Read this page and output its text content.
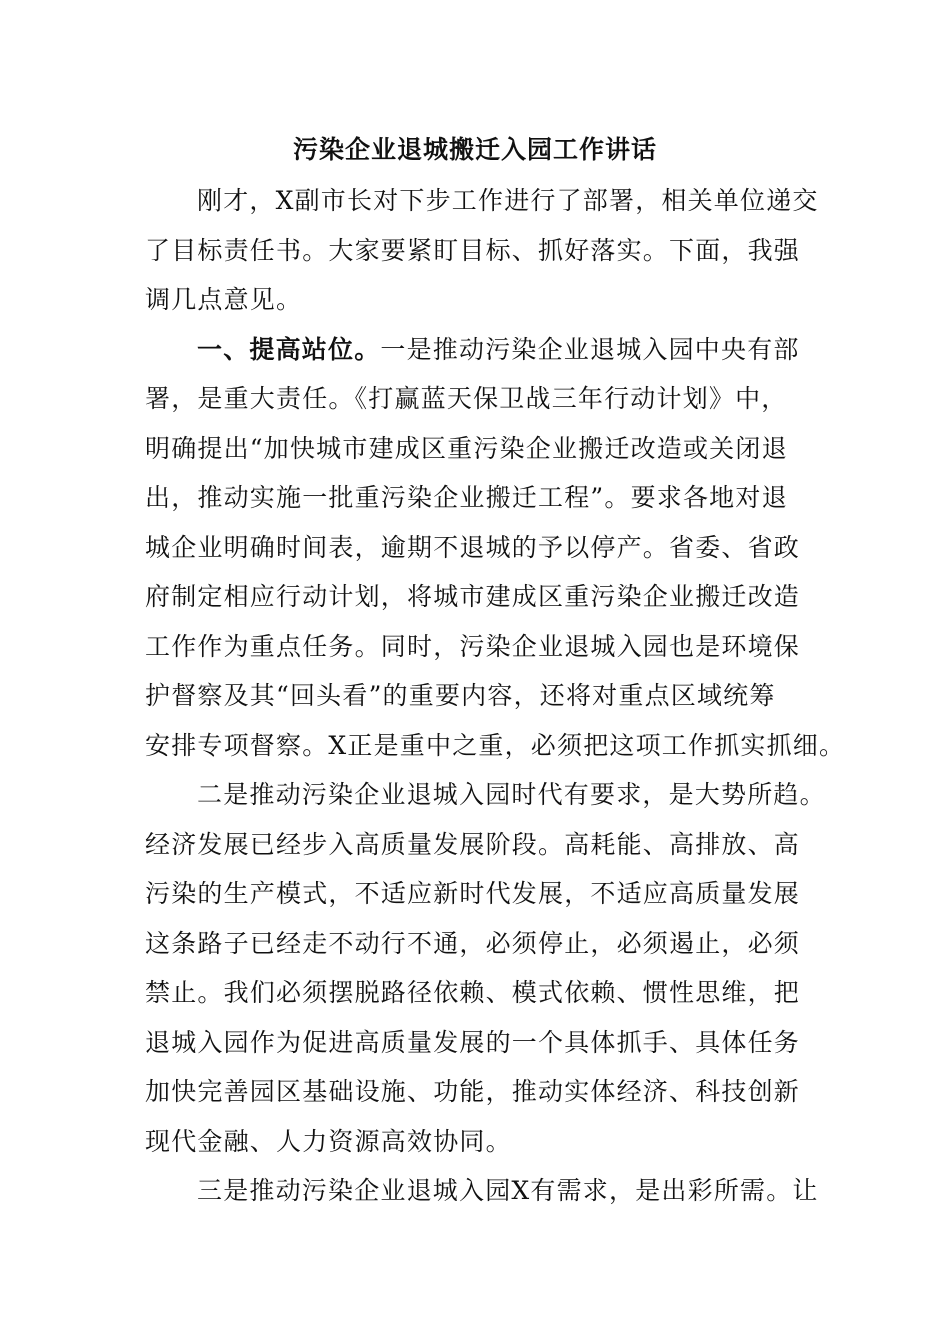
污染企业退城搬迁入园工作讲话
刚才，X副市长对下步工作进行了部署，相关单位递交
了目标责任书。大家要紧盯目标、抓好落实。下面，我强
调几点意见。
一、提高站位。一是推动污染企业退城入园中央有部
署，是重大责任。《打赢蓝天保卫战三年行动计划》中，
明确提出“加快城市建成区重污染企业搬迁改造或关闭退
出，推动实施一批重污染企业搬迁工程”。要求各地对退
城企业明确时间表，逾期不退城的予以停产。省委、省政
府制定相应行动计划，将城市建成区重污染企业搬迁改造
工作作为重点任务。同时，污染企业退城入园也是环境保
护督察及其“回头看”的重要内容，还将对重点区域统筹
安排专项督察。X正是重中之重，必须把这项工作抓实抓细。
二是推动污染企业退城入园时代有要求，是大势所趋。
经济发展已经步入高质量发展阶段。高耗能、高排放、高
污染的生产模式，不适应新时代发展，不适应高质量发展
这条路子已经走不动行不通，必须停止，必须遏止，必须
禁止。我们必须摆脱路径依赖、模式依赖、惯性思维，把
退城入园作为促进高质量发展的一个具体抓手、具体任务
加快完善园区基础设施、功能，推动实体经济、科技创新
现代金融、人力资源高效协同。
三是推动污染企业退城入园X有需求，是出彩所需。让
